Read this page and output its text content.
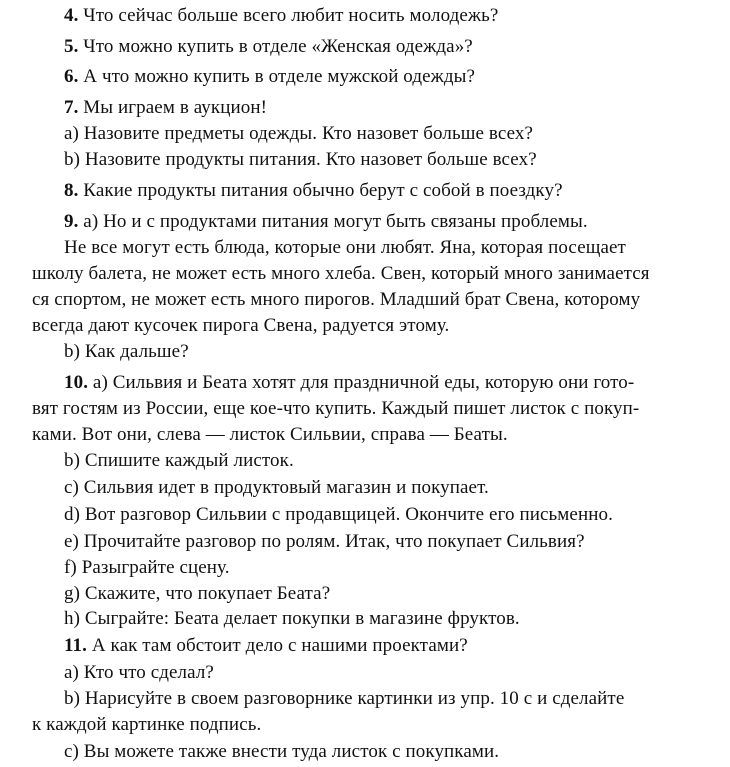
4. Что сейчас больше всего любит носить молодежь?
5. Что можно купить в отделе «Женская одежда»?
6. А что можно купить в отделе мужской одежды?
7. Мы играем в аукцион!
a) Назовите предметы одежды. Кто назовет больше всех?
b) Назовите продукты питания. Кто назовет больше всех?
8. Какие продукты питания обычно берут с собой в поездку?
9. а) Но и с продуктами питания могут быть связаны проблемы.
Не все могут есть блюда, которые они любят. Яна, которая посещает
школу балета, не может есть много хлеба. Свен, который много занимается
ся спортом, не может есть много пирогов. Младший брат Свена, которому
всегда дают кусочек пирога Свена, радуется этому.
b) Как дальше?
10. а) Сильвия и Беата хотят для праздничной еды, которую они гото-
вят гостям из России, еще кое-что купить. Каждый пишет листок с покуп-
ками. Вот они, слева — листок Сильвии, справа — Беаты.
b) Спишите каждый листок.
c) Сильвия идет в продуктовый магазин и покупает.
d) Вот разговор Сильвии с продавщицей. Окончите его письменно.
e) Прочитайте разговор по ролям. Итак, что покупает Сильвия?
f) Разыграйте сцену.
g) Скажите, что покупает Беата?
h) Сыграйте: Беата делает покупки в магазине фруктов.
11. А как там обстоит дело с нашими проектами?
a) Кто что сделал?
b) Нарисуйте в своем разговорнике картинки из упр. 10 с и сделайте
к каждой картинке подпись.
c) Вы можете также внести туда листок с покупками.
